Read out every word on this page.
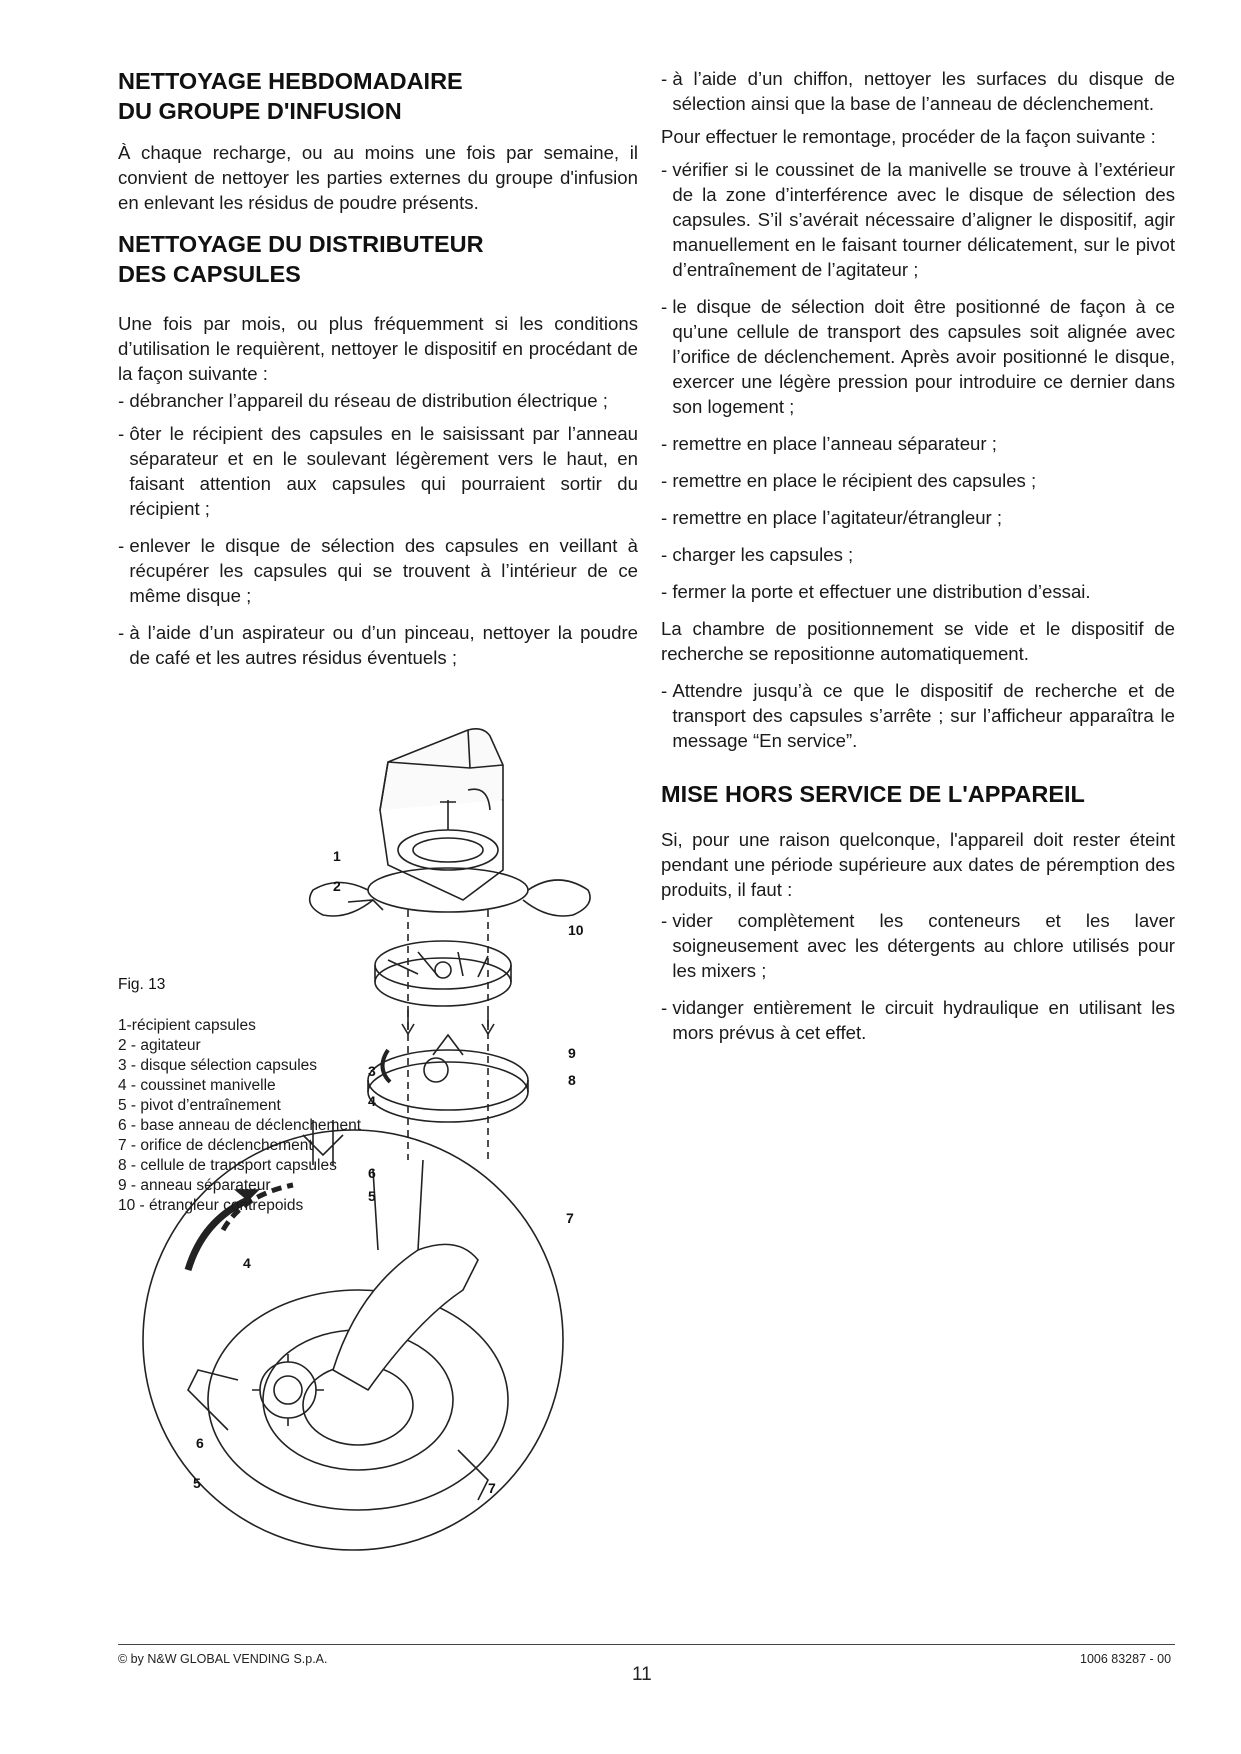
NETTOYAGE HEBDOMADAIRE
DU GROUPE D'INFUSION

À chaque recharge, ou au moins une fois par semaine, il convient de nettoyer les parties externes du groupe d'infusion en enlevant les résidus de poudre présents.

NETTOYAGE DU DISTRIBUTEUR
DES CAPSULES

Une fois par mois, ou plus fréquemment si les conditions d’utilisation le requièrent, nettoyer le dispositif en procédant de la façon suivante :

- débrancher l’appareil du réseau de distribution électrique ;
- ôter le récipient des capsules en le saisissant par l’anneau séparateur et en le soulevant légèrement vers le haut, en faisant attention aux capsules qui pourraient sortir du récipient ;
- enlever le disque de sélection des capsules en veillant à récupérer les capsules qui se trouvent à l’intérieur de ce même disque ;
- à l’aide d’un aspirateur ou d’un pinceau, nettoyer la poudre de café et les autres résidus éventuels ;
Fig. 13
1-récipient capsules
2 - agitateur
3 - disque sélection capsules
4 - coussinet manivelle
5 - pivot d’entraînement
6 - base anneau de déclenchement
7 - orifice de déclenchement
8 - cellule de transport capsules
9 - anneau séparateur
10 - étrangleur contrepoids
1
2
3
4
5
6
7
8
9
10
4
6
5	7
- à l’aide d’un chiffon, nettoyer les surfaces du disque de sélection ainsi que la base de l’anneau de déclenchement.

Pour effectuer le remontage, procéder de la façon suivante :

- vérifier si le coussinet de la manivelle se trouve à l’extérieur de la zone d’interférence avec le disque de sélection des capsules. S’il s’avérait nécessaire d’aligner le dispositif, agir manuellement en le faisant tourner délicatement, sur le pivot d’entraînement de l’agitateur ;
- le disque de sélection doit être positionné de façon à ce qu’une cellule de transport des capsules soit alignée avec l’orifice de déclenchement. Après avoir positionné le disque, exercer une légère pression pour introduire ce dernier dans son logement ;
- remettre en place l’anneau séparateur ;
- remettre en place le récipient des capsules ;
- remettre en place l’agitateur/étrangleur ;
- charger les capsules ;
- fermer la porte et effectuer une distribution d’essai.

La chambre de positionnement se vide et le dispositif de recherche se repositionne automatiquement.

- Attendre jusqu’à ce que le dispositif de recherche et de transport des capsules s’arrête ; sur l’afficheur apparaîtra le message “En service”.
MISE HORS SERVICE DE L'APPAREIL

Si, pour une raison quelconque, l'appareil doit rester éteint pendant une période supérieure aux dates de péremption des produits, il faut :

- vider complètement les conteneurs et les laver soigneusement avec les détergents au chlore utilisés pour les mixers ;
- vidanger entièrement le circuit hydraulique en utilisant les mors prévus à cet effet.
© by N&W GLOBAL VENDING S.p.A.
11
1006 83287 - 00
